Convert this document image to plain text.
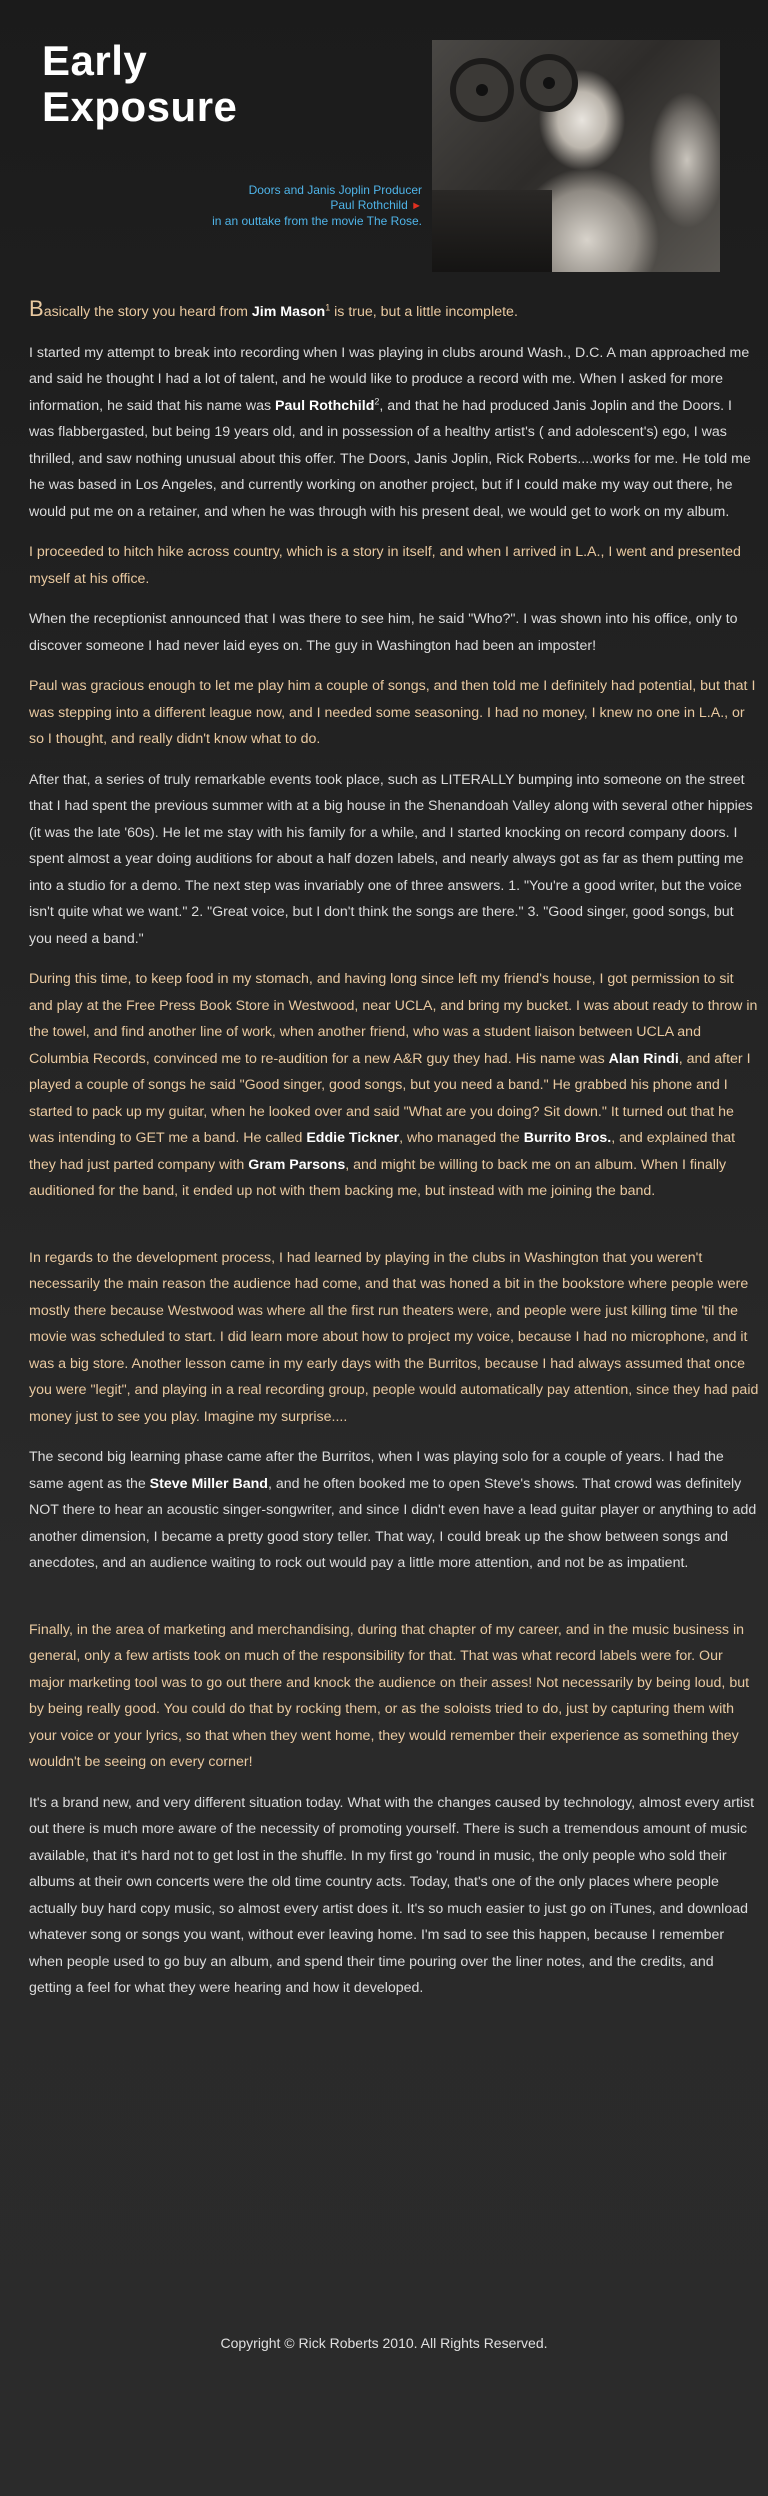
Early
Exposure
Doors and Janis Joplin Producer
Paul Rothchild ►
in an outtake from the movie The Rose.

Basically the story you heard from Jim Mason$^1$ is true, but a little incomplete.

I started my attempt to break into recording when I was playing in clubs around Wash., D.C. A man approached me and said he thought I had a lot of talent, and he would like to produce a record with me. When I asked for more information, he said that his name was Paul Rothchild$^2$, and that he had produced Janis Joplin and the Doors. I was flabbergasted, but being 19 years old, and in possession of a healthy artist's ( and adolescent's) ego, I was thrilled, and saw nothing unusual about this offer. The Doors, Janis Joplin, Rick Roberts....works for me. He told me he was based in Los Angeles, and currently working on another project, but if I could make my way out there, he would put me on a retainer, and when he was through with his present deal, we would get to work on my album.

I proceeded to hitch hike across country, which is a story in itself, and when I arrived in L.A., I went and presented myself at his office.

When the receptionist announced that I was there to see him, he said "Who?". I was shown into his office, only to discover someone I had never laid eyes on. The guy in Washington had been an imposter!

Paul was gracious enough to let me play him a couple of songs, and then told me I definitely had potential, but that I was stepping into a different league now, and I needed some seasoning. I had no money, I knew no one in L.A., or so I thought, and really didn't know what to do.

After that, a series of truly remarkable events took place, such as LITERALLY bumping into someone on the street that I had spent the previous summer with at a big house in the Shenandoah Valley along with several other hippies (it was the late '60s). He let me stay with his family for a while, and I started knocking on record company doors. I spent almost a year doing auditions for about a half dozen labels, and nearly always got as far as them putting me into a studio for a demo. The next step was invariably one of three answers. 1. "You're a good writer, but the voice isn't quite what we want." 2. "Great voice, but I don't think the songs are there." 3. "Good singer, good songs, but you need a band."

During this time, to keep food in my stomach, and having long since left my friend's house, I got permission to sit and play at the Free Press Book Store in Westwood, near UCLA, and bring my bucket. I was about ready to throw in the towel, and find another line of work, when another friend, who was a student liaison between UCLA and Columbia Records, convinced me to re-audition for a new A&R guy they had. His name was Alan Rindi, and after I played a couple of songs he said "Good singer, good songs, but you need a band." He grabbed his phone and I started to pack up my guitar, when he looked over and said "What are you doing? Sit down." It turned out that he was intending to GET me a band. He called Eddie Tickner, who managed the Burrito Bros., and explained that they had just parted company with Gram Parsons, and might be willing to back me on an album. When I finally auditioned for the band, it ended up not with them backing me, but instead with me joining the band.

In regards to the development process, I had learned by playing in the clubs in Washington that you weren't necessarily the main reason the audience had come, and that was honed a bit in the bookstore where people were mostly there because Westwood was where all the first run theaters were, and people were just killing time 'til the movie was scheduled to start. I did learn more about how to project my voice, because I had no microphone, and it was a big store. Another lesson came in my early days with the Burritos, because I had always assumed that once you were "legit", and playing in a real recording group, people would automatically pay attention, since they had paid money just to see you play. Imagine my surprise....

The second big learning phase came after the Burritos, when I was playing solo for a couple of years. I had the same agent as the Steve Miller Band, and he often booked me to open Steve's shows. That crowd was definitely NOT there to hear an acoustic singer-songwriter, and since I didn't even have a lead guitar player or anything to add another dimension, I became a pretty good story teller. That way, I could break up the show between songs and anecdotes, and an audience waiting to rock out would pay a little more attention, and not be as impatient.

Finally, in the area of marketing and merchandising, during that chapter of my career, and in the music business in general, only a few artists took on much of the responsibility for that. That was what record labels were for. Our major marketing tool was to go out there and knock the audience on their asses! Not necessarily by being loud, but by being really good. You could do that by rocking them, or as the soloists tried to do, just by capturing them with your voice or your lyrics, so that when they went home, they would remember their experience as something they wouldn't be seeing on every corner!

It's a brand new, and very different situation today. What with the changes caused by technology, almost every artist out there is much more aware of the necessity of promoting yourself. There is such a tremendous amount of music available, that it's hard not to get lost in the shuffle. In my first go 'round in music, the only people who sold their albums at their own concerts were the old time country acts. Today, that's one of the only places where people actually buy hard copy music, so almost every artist does it. It's so much easier to just go on iTunes, and download whatever song or songs you want, without ever leaving home. I'm sad to see this happen, because I remember when people used to go buy an album, and spend their time pouring over the liner notes, and the credits, and getting a feel for what they were hearing and how it developed.

Copyright © Rick Roberts 2010. All Rights Reserved.
